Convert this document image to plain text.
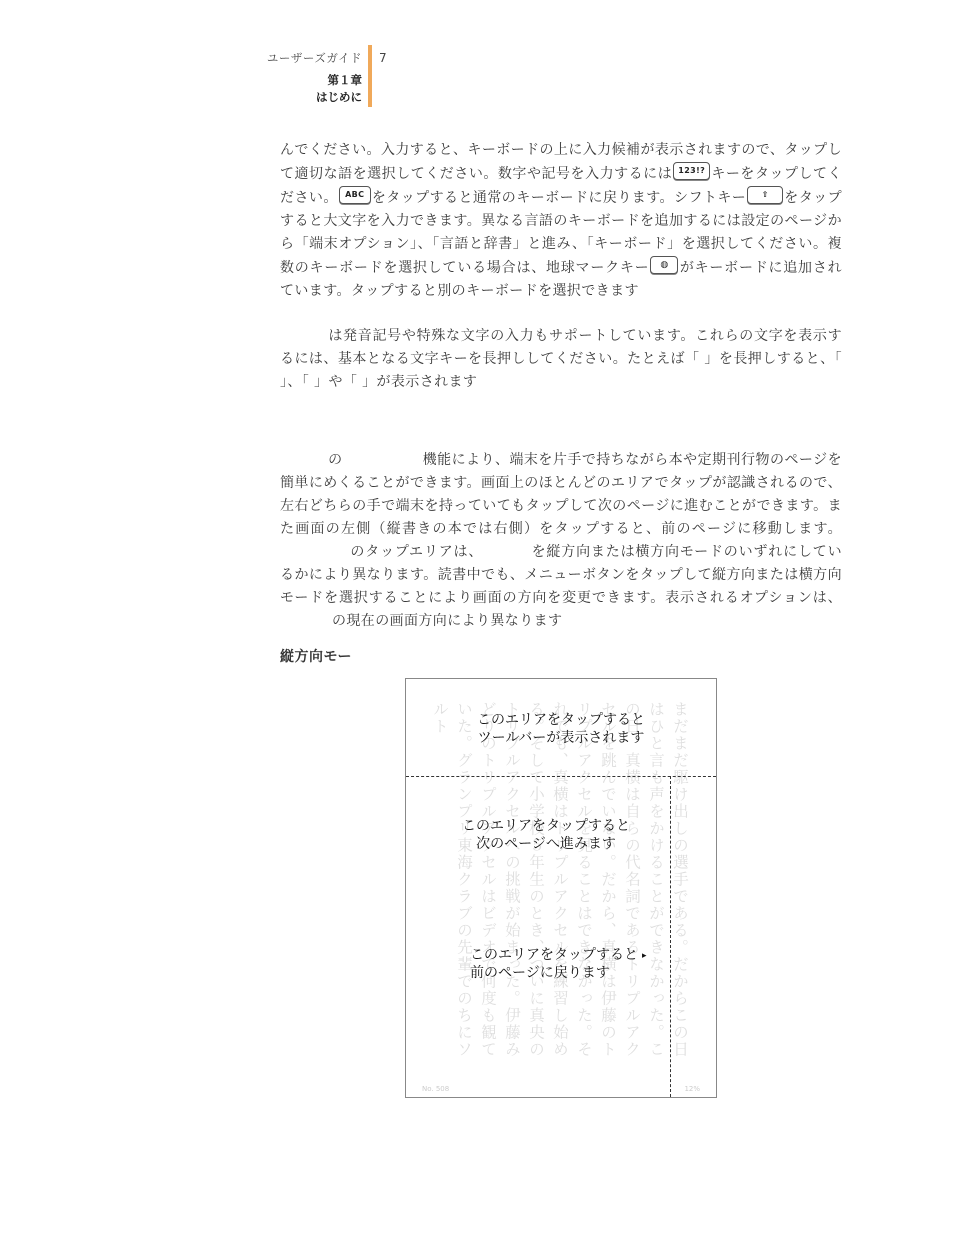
ユーザーズガイド
第１章
はじめに
7
んでください。入力すると、キーボードの上に入力候補が表示されますので、タップして適切な語を選択してください。数字や記号を入力するには 123!? キーをタップしてください。 ABC をタップすると通常のキーボードに戻ります。シフトキー ⇧ をタップすると大文字を入力できます。異なる言語のキーボードを追加するには設定のページから「端末オプション」、「言語と辞書」と進み、「キーボード」を選択してください。複数のキーボードを選択している場合は、地球マークキー ◍ がキーボードに追加されています。タップすると別のキーボードを選択できます
は発音記号や特殊な文字の入力もサポートしています。これらの文字を表示するには、基本となる文字キーを長押ししてください。たとえば「 」を長押しすると、「 」、「 」や「 」が表示されます
の	機能により、端末を片手で持ちながら本や定期刊行物のページを簡単にめくることができます。画面上のほとんどのエリアでタップが認識されるので、左右どちらの手で端末を持っていてもタップして次のページに進むことができます。また画面の左側（縦書きの本では右側）をタップすると、前のページに移動します。のタップエリアは、	を縦方向または横方向モードのいずれにしているかにより異なります。読書中でも、メニューボタンをタップして縦方向または横方向モードを選択することにより画面の方向を変更できます。表示されるオプションは、の現在の画面方向により異なります
縦方向モー
まだまだ駆け出しの選手である。だからこの日はひと言も声をかけることができなかった。この日、真横は自らの代名詞であるトリプルアクセルを跳んでいない。だから、真横は伊藤のトリプルアクセルを見ることはできなかった。それでも、真横はトリプルアクセルを練習し始める。そして小学校５年生のとき、ついに真央のトリプルアクセルへの挑戦が始まった。伊藤みどりのトリプルアクセルはビデオで何度も観ていた。グランプリ東海クラブの先輩でのちにソルト	このエリアをタップすると
ツールバーが表示されます
このエリアをタップすると
次のページへ進みます
このエリアをタップすると
前のページに戻ります
▸
No. 508	12%
